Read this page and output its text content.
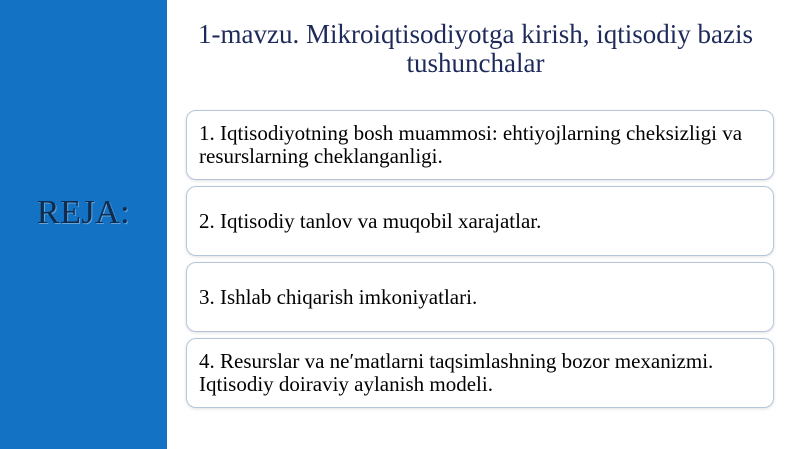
REJA:
1-mavzu. Mikroiqtisodiyotga kirish, iqtisodiy bazis tushunchalar
1. Iqtisodiyotning bosh muammosi: ehtiyojlarning cheksizligi va resurslarning cheklanganligi.
2. Iqtisodiy tanlov va muqobil xarajatlar.
3. Ishlab chiqarish imkoniyatlari.
4. Resurslar va ne′matlarni taqsimlashning bozor mexanizmi. Iqtisodiy doiraviy aylanish modeli.
